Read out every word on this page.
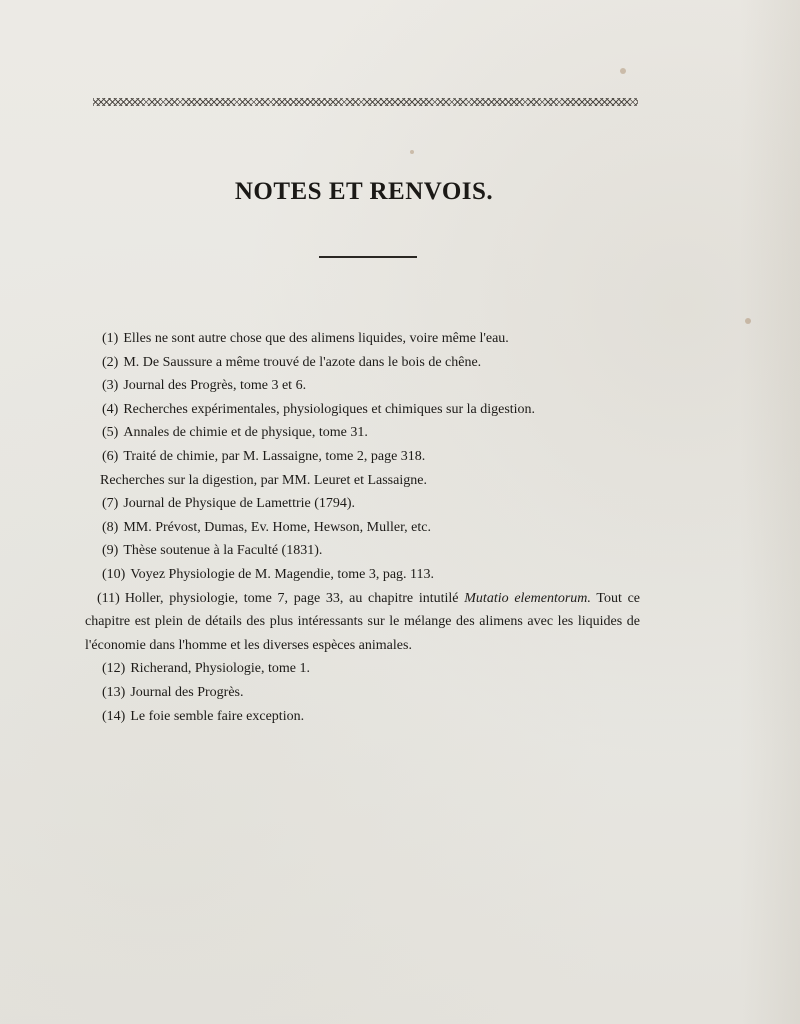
NOTES ET RENVOIS.
(1) Elles ne sont autre chose que des alimens liquides, voire même l'eau.
(2) M. De Saussure a même trouvé de l'azote dans le bois de chêne.
(3) Journal des Progrès, tome 3 et 6.
(4) Recherches expérimentales, physiologiques et chimiques sur la digestion.
(5) Annales de chimie et de physique, tome 31.
(6) Traité de chimie, par M. Lassaigne, tome 2, page 318.
Recherches sur la digestion, par MM. Leuret et Lassaigne.
(7) Journal de Physique de Lamettrie (1794).
(8) MM. Prévost, Dumas, Ev. Home, Hewson, Muller, etc.
(9) Thèse soutenue à la Faculté (1831).
(10) Voyez Physiologie de M. Magendie, tome 3, pag. 113.
(11) Holler, physiologie, tome 7, page 33, au chapitre intutilé Mutatio elementorum. Tout ce chapitre est plein de détails des plus intéressants sur le mélange des alimens avec les liquides de l'économie dans l'homme et les diverses espèces animales.
(12) Richerand, Physiologie, tome 1.
(13) Journal des Progrès.
(14) Le foie semble faire exception.
